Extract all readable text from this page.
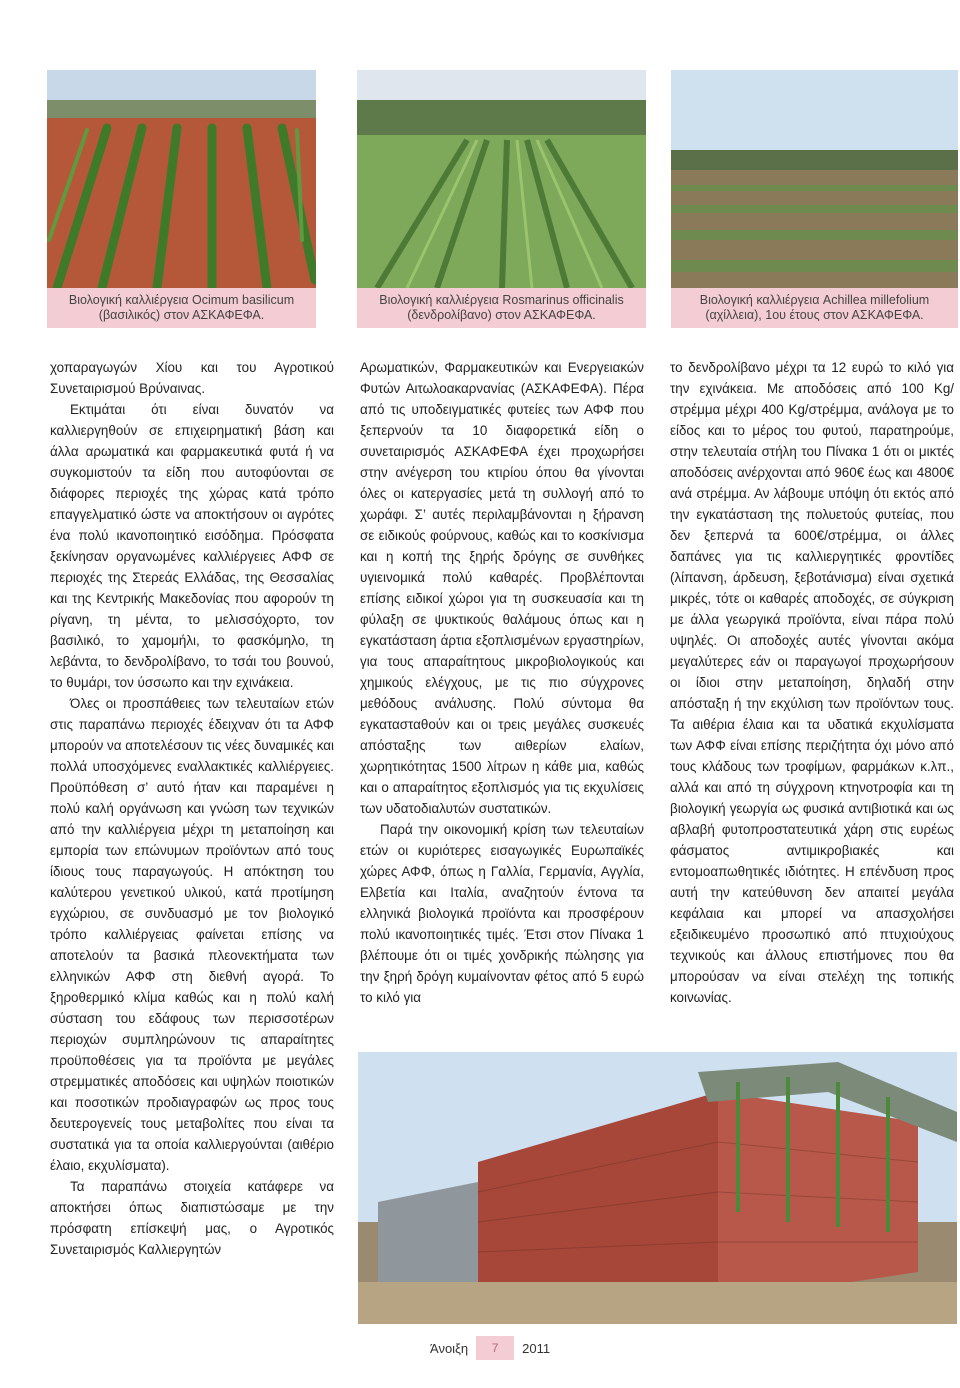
Βιολογική καλλιέργεια Ocimum basilicum
(βασιλικός) στον ΑΣΚΑΦΕΦΑ.
Βιολογική καλλιέργεια Rosmarinus officinalis
(δενδρολίβανο) στον ΑΣΚΑΦΕΦΑ.
Βιολογική καλλιέργεια Achillea millefolium
(αχίλλεια), 1ου έτους στον ΑΣΚΑΦΕΦΑ.

χοπαραγωγών Χίου και του Αγροτικού Συνεταιρισμού Βρύναινας.

Εκτιμάται ότι είναι δυνατόν να καλλιεργηθούν σε επιχειρηματική βάση και άλλα αρωματικά και φαρμακευτικά φυτά ή να συγκομιστούν τα είδη που αυτοφύονται σε διάφορες περιοχές της χώρας κατά τρόπο επαγγελματικό ώστε να αποκτήσουν οι αγρότες ένα πολύ ικανοποιητικό εισόδημα. Πρόσφατα ξεκίνησαν οργανωμένες καλλιέργειες ΑΦΦ σε περιοχές της Στερεάς Ελλάδας, της Θεσσαλίας και της Κεντρικής Μακεδονίας που αφορούν τη ρίγανη, τη μέντα, το μελισσόχορτο, τον βασιλικό, το χαμομήλι, το φασκόμηλο, τη λεβάντα, το δενδρολίβανο, το τσάι του βουνού, το θυμάρι, τον ύσσωπο και την εχινάκεια.

Όλες οι προσπάθειες των τελευταίων ετών στις παραπάνω περιοχές έδειχναν ότι τα ΑΦΦ μπορούν να αποτελέσουν τις νέες δυναμικές και πολλά υποσχόμενες εναλλακτικές καλλιέργειες. Προϋπόθεση σ’ αυτό ήταν και παραμένει η πολύ καλή οργάνωση και γνώση των τεχνικών από την καλλιέργεια μέχρι τη μεταποίηση και εμπορία των επώνυμων προϊόντων από τους ίδιους τους παραγωγούς. Η απόκτηση του καλύτερου γενετικού υλικού, κατά προτίμηση εγχώριου, σε συνδυασμό με τον βιολογικό τρόπο καλλιέργειας φαίνεται επίσης να αποτελούν τα βασικά πλεονεκτήματα των ελληνικών ΑΦΦ στη διεθνή αγορά. Το ξηροθερμικό κλίμα καθώς και η πολύ καλή σύσταση του εδάφους των περισσοτέρων περιοχών συμπληρώνουν τις απαραίτητες προϋποθέσεις για τα προϊόντα με μεγάλες στρεμματικές αποδόσεις και υψηλών ποιοτικών και ποσοτικών προδιαγραφών ως προς τους δευτερογενείς τους μεταβολίτες που είναι τα συστατικά για τα οποία καλλιεργούνται (αιθέριο έλαιο, εκχυλίσματα).

Τα παραπάνω στοιχεία κατάφερε να αποκτήσει όπως διαπιστώσαμε με την πρόσφατη επίσκεψή μας, ο Αγροτικός Συνεταιρισμός Καλλιεργητών

Αρωματικών, Φαρμακευτικών και Ενεργειακών Φυτών Αιτωλοακαρνανίας (ΑΣΚΑΦΕΦΑ). Πέρα από τις υποδειγματικές φυτείες των ΑΦΦ που ξεπερνούν τα 10 διαφορετικά είδη ο συνεταιρισμός ΑΣΚΑΦΕΦΑ έχει προχωρήσει στην ανέγερση του κτιρίου όπου θα γίνονται όλες οι κατεργασίες μετά τη συλλογή από το χωράφι. Σ’ αυτές περιλαμβάνονται η ξήρανση σε ειδικούς φούρνους, καθώς και το κοσκίνισμα και η κοπή της ξηρής δρόγης σε συνθήκες υγιεινομικά πολύ καθαρές. Προβλέπονται επίσης ειδικοί χώροι για τη συσκευασία και τη φύλαξη σε ψυκτικούς θαλάμους όπως και η εγκατάσταση άρτια εξοπλισμένων εργαστηρίων, για τους απαραίτητους μικροβιολογικούς και χημικούς ελέγχους, με τις πιο σύγχρονες μεθόδους ανάλυσης. Πολύ σύντομα θα εγκατασταθούν και οι τρεις μεγάλες συσκευές απόσταξης των αιθερίων ελαίων, χωρητικότητας 1500 λίτρων η κάθε μια, καθώς και ο απαραίτητος εξοπλισμός για τις εκχυλίσεις των υδατοδιαλυτών συστατικών.

Παρά την οικονομική κρίση των τελευταίων ετών οι κυριότερες εισαγωγικές Ευρωπαϊκές χώρες ΑΦΦ, όπως η Γαλλία, Γερμανία, Αγγλία, Ελβετία και Ιταλία, αναζητούν έντονα τα ελληνικά βιολογικά προϊόντα και προσφέρουν πολύ ικανοποιητικές τιμές. Έτσι στον Πίνακα 1 βλέπουμε ότι οι τιμές χονδρικής πώλησης για την ξηρή δρόγη κυμαίνονταν φέτος από 5 ευρώ το κιλό για

το δενδρολίβανο μέχρι τα 12 ευρώ το κιλό για την εχινάκεια. Με αποδόσεις από 100 Kg/στρέμμα μέχρι 400 Kg/στρέμμα, ανάλογα με το είδος και το μέρος του φυτού, παρατηρούμε, στην τελευταία στήλη του Πίνακα 1 ότι οι μικτές αποδόσεις ανέρχονται από 960€ έως και 4800€ ανά στρέμμα. Αν λάβουμε υπόψη ότι εκτός από την εγκατάσταση της πολυετούς φυτείας, που δεν ξεπερνά τα 600€/στρέμμα, οι άλλες δαπάνες για τις καλλιεργητικές φροντίδες (λίπανση, άρδευση, ξεβοτάνισμα) είναι σχετικά μικρές, τότε οι καθαρές αποδοχές, σε σύγκριση με άλλα γεωργικά προϊόντα, είναι πάρα πολύ υψηλές. Οι αποδοχές αυτές γίνονται ακόμα μεγαλύτερες εάν οι παραγωγοί προχωρήσουν οι ίδιοι στην μεταποίηση, δηλαδή στην απόσταξη ή την εκχύλιση των προϊόντων τους. Τα αιθέρια έλαια και τα υδατικά εκχυλίσματα των ΑΦΦ είναι επίσης περιζήτητα όχι μόνο από τους κλάδους των τροφίμων, φαρμάκων κ.λπ., αλλά και από τη σύγχρονη κτηνοτροφία και τη βιολογική γεωργία ως φυσικά αντιβιοτικά και ως αβλαβή φυτοπροστατευτικά χάρη στις ευρέως φάσματος αντιμικροβιακές και εντομοαπωθητικές ιδιότητες. Η επένδυση προς αυτή την κατεύθυνση δεν απαιτεί μεγάλα κεφάλαια και μπορεί να απασχολήσει εξειδικευμένο προσωπικό από πτυχιούχους τεχνικούς και άλλους επιστήμονες που θα μπορούσαν να είναι στελέχη της τοπικής κοινωνίας.

Άνοιξη	7	2011
